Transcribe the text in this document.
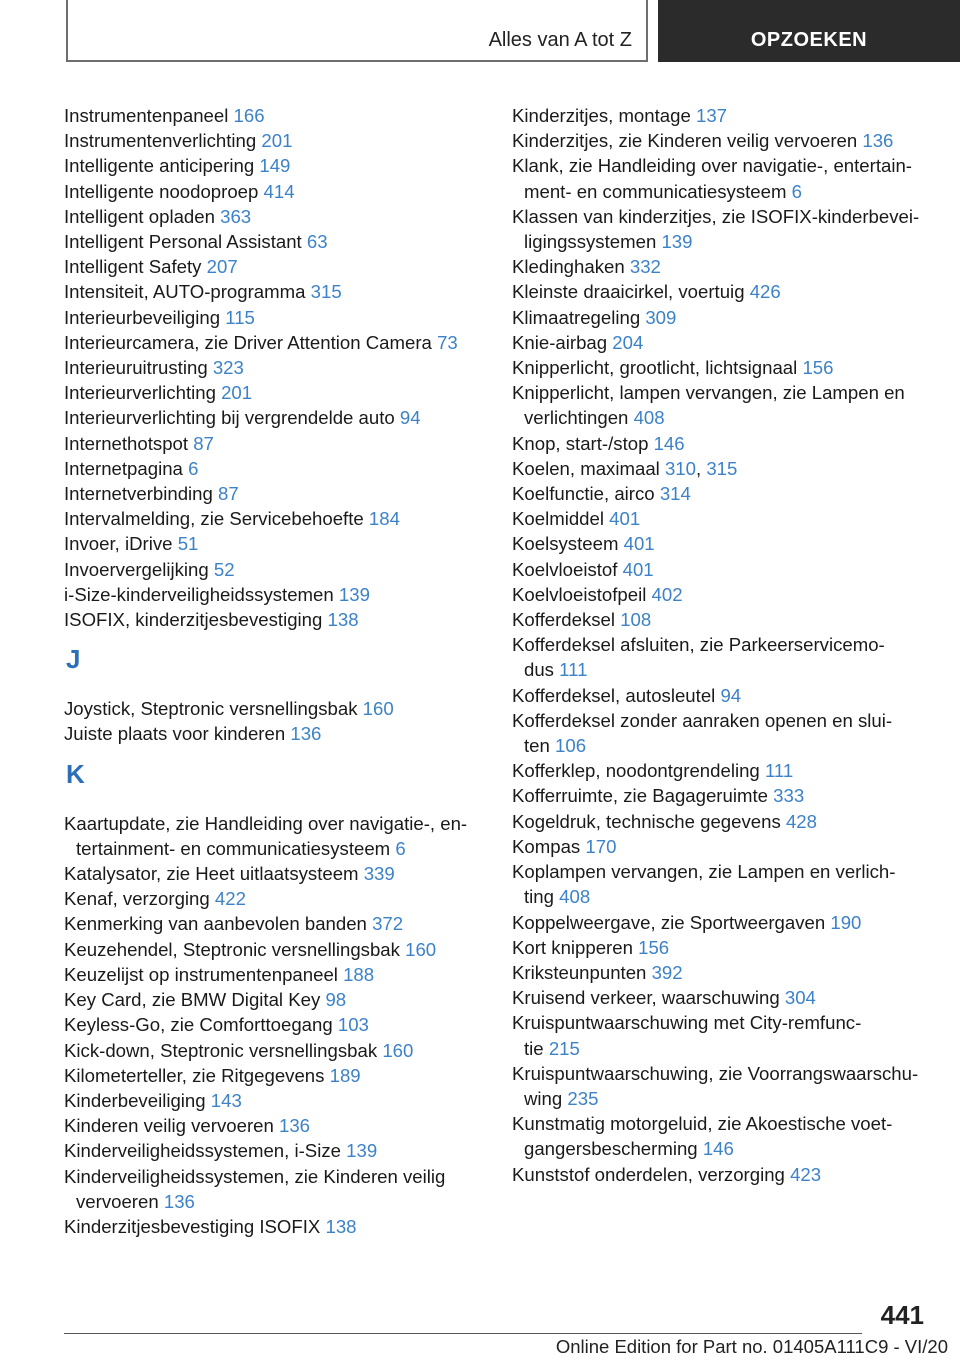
Alles van A tot Z	OPZOEKEN
Instrumentenpaneel 166
Instrumentenverlichting 201
Intelligente anticipering 149
Intelligente noodoproep 414
Intelligent opladen 363
Intelligent Personal Assistant 63
Intelligent Safety 207
Intensiteit, AUTO-programma 315
Interieurbeveiliging 115
Interieurcamera, zie Driver Attention Camera 73
Interieuruitrusting 323
Interieurverlichting 201
Interieurverlichting bij vergrendelde auto 94
Internethotspot 87
Internetpagina 6
Internetverbinding 87
Intervalmelding, zie Servicebehoefte 184
Invoer, iDrive 51
Invoervergelijking 52
i-Size-kinderveiligheidssystemen 139
ISOFIX, kinderzitjesbevestiging 138
J
Joystick, Steptronic versnellingsbak 160
Juiste plaats voor kinderen 136
K
Kaartupdate, zie Handleiding over navigatie-, en-
tertainment- en communicatiesysteem 6
Katalysator, zie Heet uitlaatsysteem 339
Kenaf, verzorging 422
Kenmerking van aanbevolen banden 372
Keuzehendel, Steptronic versnellingsbak 160
Keuzelijst op instrumentenpaneel 188
Key Card, zie BMW Digital Key 98
Keyless-Go, zie Comforttoegang 103
Kick-down, Steptronic versnellingsbak 160
Kilometerteller, zie Ritgegevens 189
Kinderbeveiliging 143
Kinderen veilig vervoeren 136
Kinderveiligheidssystemen, i-Size 139
Kinderveiligheidssystemen, zie Kinderen veilig
vervoeren 136
Kinderzitjesbevestiging ISOFIX 138
Kinderzitjes, montage 137
Kinderzitjes, zie Kinderen veilig vervoeren 136
Klank, zie Handleiding over navigatie-, entertain-
ment- en communicatiesysteem 6
Klassen van kinderzitjes, zie ISOFIX-kinderbevei-
ligingssystemen 139
Kledinghaken 332
Kleinste draaicirkel, voertuig 426
Klimaatregeling 309
Knie-airbag 204
Knipperlicht, grootlicht, lichtsignaal 156
Knipperlicht, lampen vervangen, zie Lampen en
verlichtingen 408
Knop, start-/stop 146
Koelen, maximaal 310, 315
Koelfunctie, airco 314
Koelmiddel 401
Koelsysteem 401
Koelvloeistof 401
Koelvloeistofpeil 402
Kofferdeksel 108
Kofferdeksel afsluiten, zie Parkeerservicemo-
dus 111
Kofferdeksel, autosleutel 94
Kofferdeksel zonder aanraken openen en slui-
ten 106
Kofferklep, noodontgrendeling 111
Kofferruimte, zie Bagageruimte 333
Kogeldruk, technische gegevens 428
Kompas 170
Koplampen vervangen, zie Lampen en verlich-
ting 408
Koppelweergave, zie Sportweergaven 190
Kort knipperen 156
Kriksteunpunten 392
Kruisend verkeer, waarschuwing 304
Kruispuntwaarschuwing met City-remfunc-
tie 215
Kruispuntwaarschuwing, zie Voorrangswaarschu-
wing 235
Kunstmatig motorgeluid, zie Akoestische voet-
gangersbescherming 146
Kunststof onderdelen, verzorging 423
441
Online Edition for Part no. 01405A111C9 - VI/20
